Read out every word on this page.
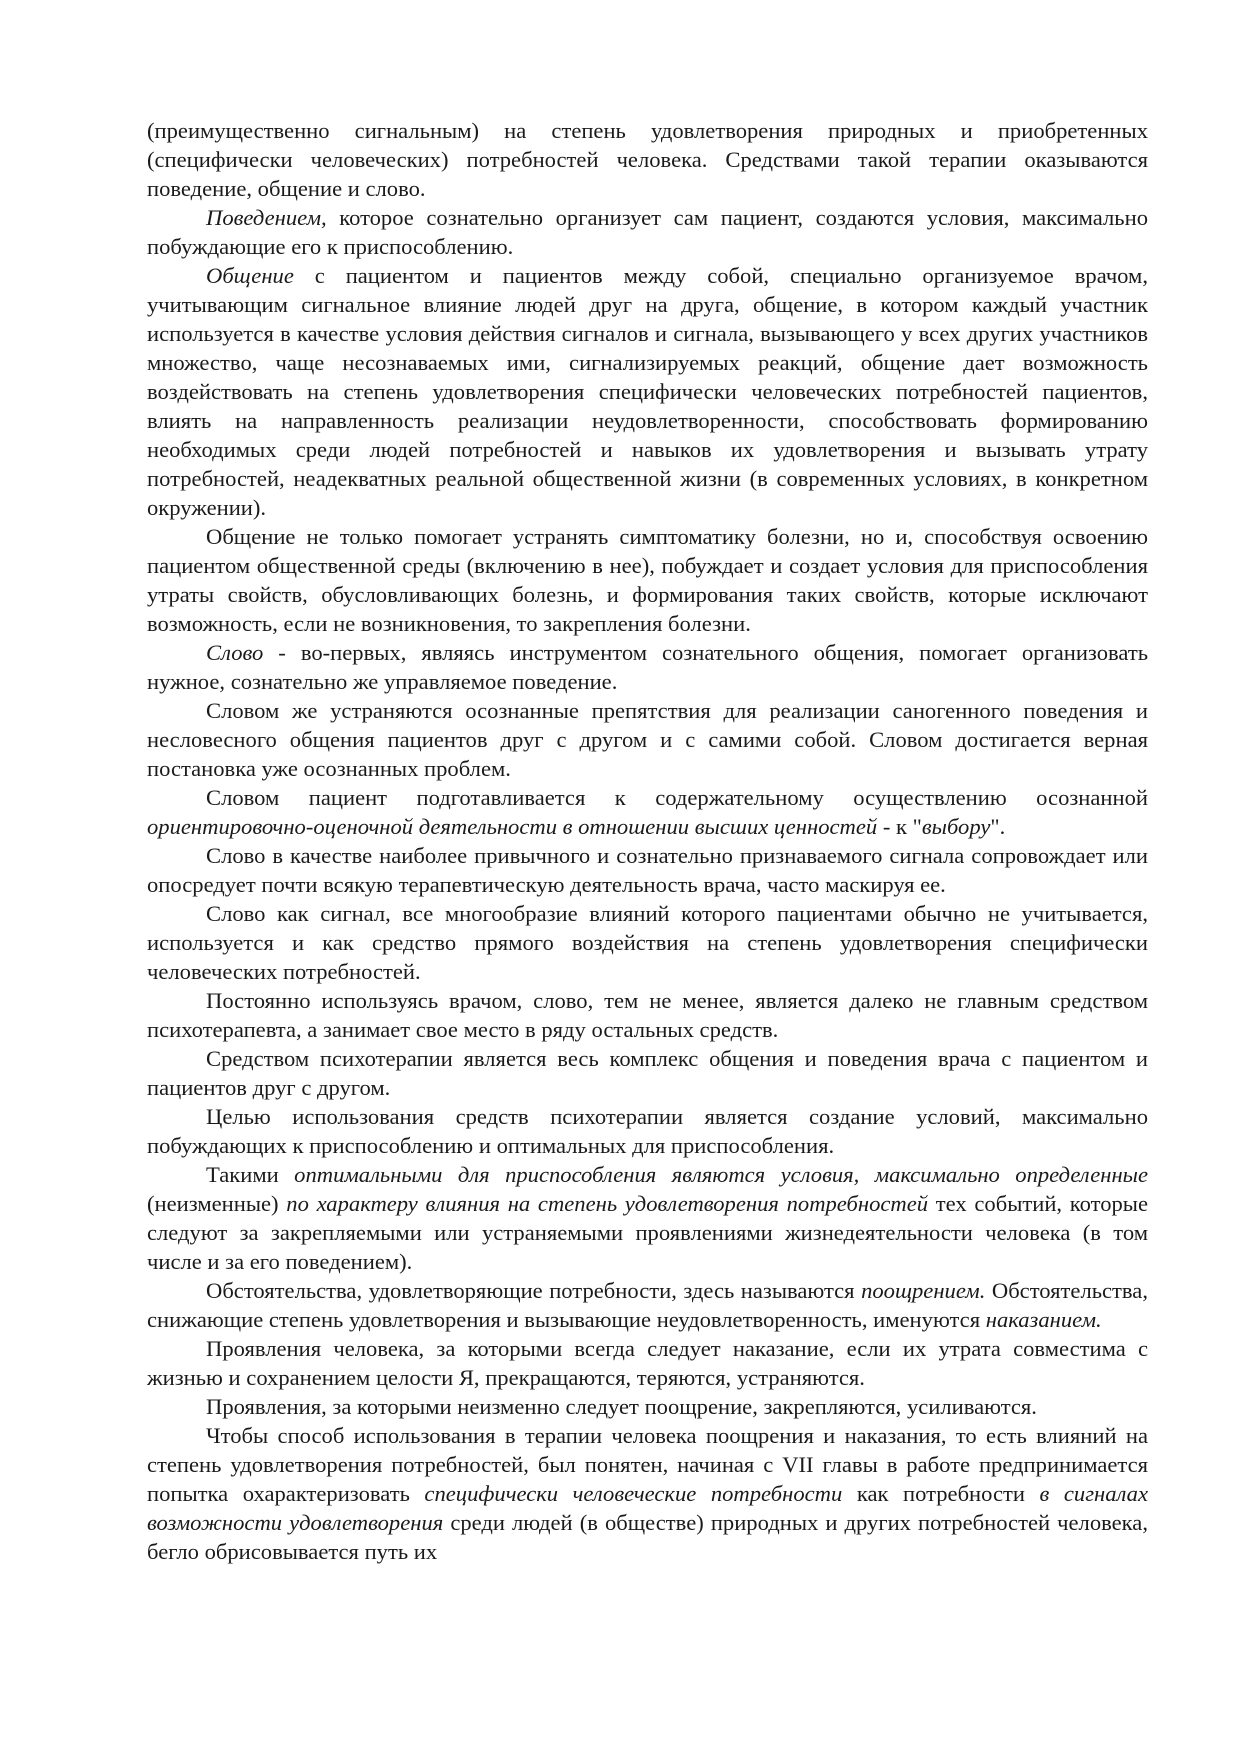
(преимущественно сигнальным) на степень удовлетворения природных и приобретенных (специфически человеческих) потребностей человека. Средствами такой терапии оказываются поведение, общение и слово.

Поведением, которое сознательно организует сам пациент, создаются условия, максимально побуждающие его к приспособлению.

Общение с пациентом и пациентов между собой, специально организуемое врачом, учитывающим сигнальное влияние людей друг на друга, общение, в котором каждый участник используется в качестве условия действия сигналов и сигнала, вызывающего у всех других участников множество, чаще несознаваемых ими, сигнализируемых реакций, общение дает возможность воздействовать на степень удовлетворения специфически человеческих потребностей пациентов, влиять на направленность реализации неудовлетворенности, способствовать формированию необходимых среди людей потребностей и навыков их удовлетворения и вызывать утрату потребностей, неадекватных реальной общественной жизни (в современных условиях, в конкретном окружении).

Общение не только помогает устранять симптоматику болезни, но и, способствуя освоению пациентом общественной среды (включению в нее), побуждает и создает условия для приспособления утраты свойств, обусловливающих болезнь, и формирования таких свойств, которые исключают возможность, если не возникновения, то закрепления болезни.

Слово - во-первых, являясь инструментом сознательного общения, помогает организовать нужное, сознательно же управляемое поведение.

Словом же устраняются осознанные препятствия для реализации саногенного поведения и несловесного общения пациентов друг с другом и с самими собой. Словом достигается верная постановка уже осознанных проблем.

Словом пациент подготавливается к содержательному осуществлению осознанной ориентировочно-оценочной деятельности в отношении высших ценностей - к "выбору".

Слово в качестве наиболее привычного и сознательно признаваемого сигнала сопровождает или опосредует почти всякую терапевтическую деятельность врача, часто маскируя ее.

Слово как сигнал, все многообразие влияний которого пациентами обычно не учитывается, используется и как средство прямого воздействия на степень удовлетворения специфически человеческих потребностей.

Постоянно используясь врачом, слово, тем не менее, является далеко не главным средством психотерапевта, а занимает свое место в ряду остальных средств.

Средством психотерапии является весь комплекс общения и поведения врача с пациентом и пациентов друг с другом.

Целью использования средств психотерапии является создание условий, максимально побуждающих к приспособлению и оптимальных для приспособления.

Такими оптимальными для приспособления являются условия, максимально определенные (неизменные) по характеру влияния на степень удовлетворения потребностей тех событий, которые следуют за закрепляемыми или устраняемыми проявлениями жизнедеятельности человека (в том числе и за его поведением).

Обстоятельства, удовлетворяющие потребности, здесь называются поощрением. Обстоятельства, снижающие степень удовлетворения и вызывающие неудовлетворенность, именуются наказанием.

Проявления человека, за которыми всегда следует наказание, если их утрата совместима с жизнью и сохранением целости Я, прекращаются, теряются, устраняются.

Проявления, за которыми неизменно следует поощрение, закрепляются, усиливаются.

Чтобы способ использования в терапии человека поощрения и наказания, то есть влияний на степень удовлетворения потребностей, был понятен, начиная с VII главы в работе предпринимается попытка охарактеризовать специфически человеческие потребности как потребности в сигналах возможности удовлетворения среди людей (в обществе) природных и других потребностей человека, бегло обрисовывается путь их
